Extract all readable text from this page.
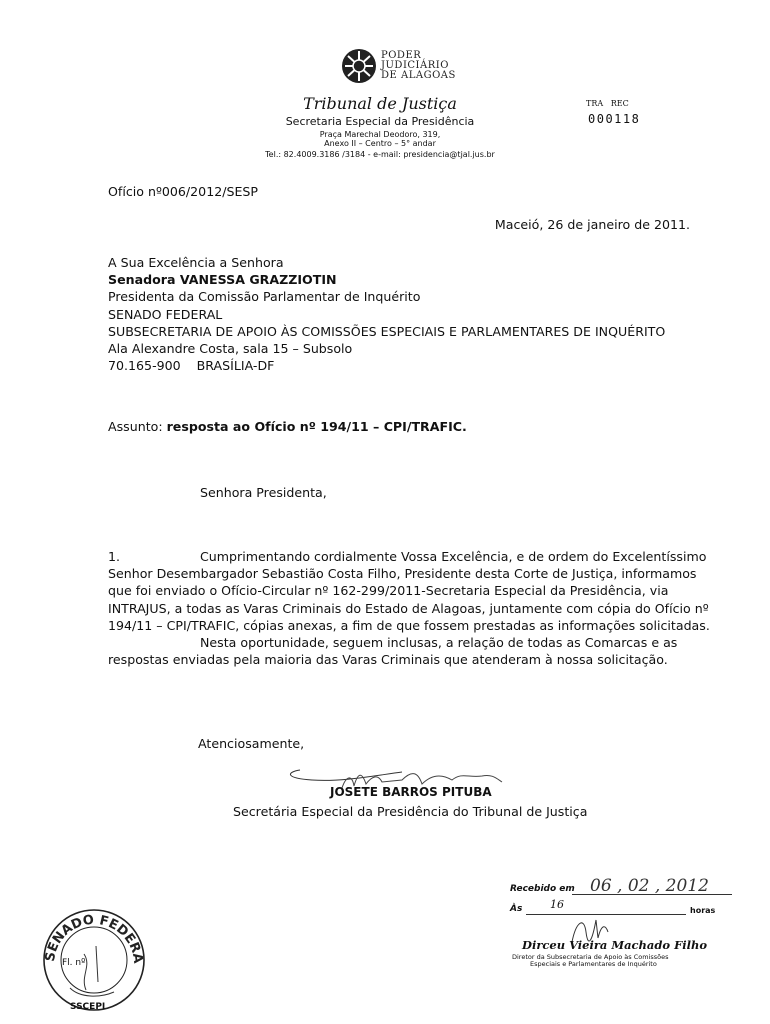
PODER
JUDICIÁRIO
DE ALAGOAS
Tribunal de Justiça
Secretaria Especial da Presidência
Praça Marechal Deodoro, 319,
Anexo II – Centro – 5° andar
Tel.: 82.4009.3186 /3184 - e-mail: presidencia@tjal.jus.br
TRA   REC
000118
Ofício nº006/2012/SESP
Maceió, 26 de janeiro de 2011.
A Sua Excelência a Senhora
Senadora VANESSA GRAZZIOTIN
Presidenta da Comissão Parlamentar de Inquérito
SENADO FEDERAL
SUBSECRETARIA DE APOIO ÀS COMISSÕES ESPECIAIS E PARLAMENTARES DE INQUÉRITO
Ala Alexandre Costa, sala 15 – Subsolo
70.165-900    BRASÍLIA-DF
Assunto: resposta ao Ofício nº 194/11 – CPI/TRAFIC.
Senhora Presidenta,
1.	Cumprimentando cordialmente Vossa Excelência, e de ordem do Excelentíssimo
Senhor Desembargador Sebastião Costa Filho, Presidente desta Corte de Justiça, informamos
que foi enviado o Ofício-Circular nº 162-299/2011-Secretaria Especial da Presidência, via
INTRAJUS, a todas as Varas Criminais do Estado de Alagoas, juntamente com cópia do Ofício nº
194/11 – CPI/TRAFIC, cópias anexas, a fim de que fossem prestadas as informações solicitadas.
Nesta oportunidade, seguem inclusas, a relação de todas as Comarcas e as
respostas enviadas pela maioria das Varas Criminais que atenderam à nossa solicitação.
Atenciosamente,
JOSETE BARROS PITUBA
Secretária Especial da Presidência do Tribunal de Justiça
Recebido em 06 , 02 , 2012
Às	16	horas
Dirceu Vieira Machado Filho
Diretor da Subsecretaria de Apoio às Comissões
Especiais e Parlamentares de Inquérito
SENADO FEDERA
Fl. nº
SSCEPI
